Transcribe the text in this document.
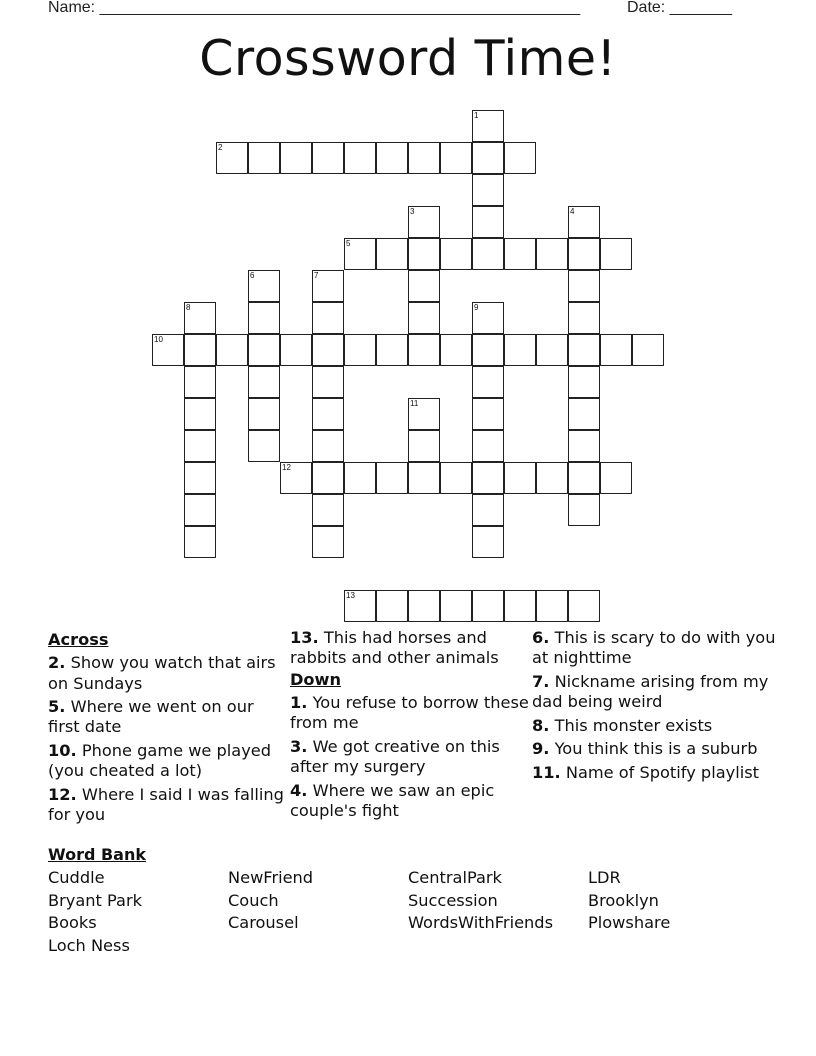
Name: ______________________________________________________	Date: _______
Crossword Time!
2
5
10
12
13
1
3	4
6	7
8	9
11
Across

2. Show you watch that airs on Sundays

5. Where we went on our first date

10. Phone game we played (you cheated a lot)

12. Where I said I was falling for you

13. This had horses and rabbits and other animals

Down

1. You refuse to borrow these from me

3. We got creative on this after my surgery

4. Where we saw an epic couple's fight

6. This is scary to do with you at nighttime

7. Nickname arising from my dad being weird

8. This monster exists

9. You think this is a suburb

11. Name of Spotify playlist

Word Bank
Cuddle	NewFriend	CentralPark	LDR
Bryant Park	Couch	Succession	Brooklyn
Books	Carousel	WordsWithFriends Plowshare
Loch Ness
